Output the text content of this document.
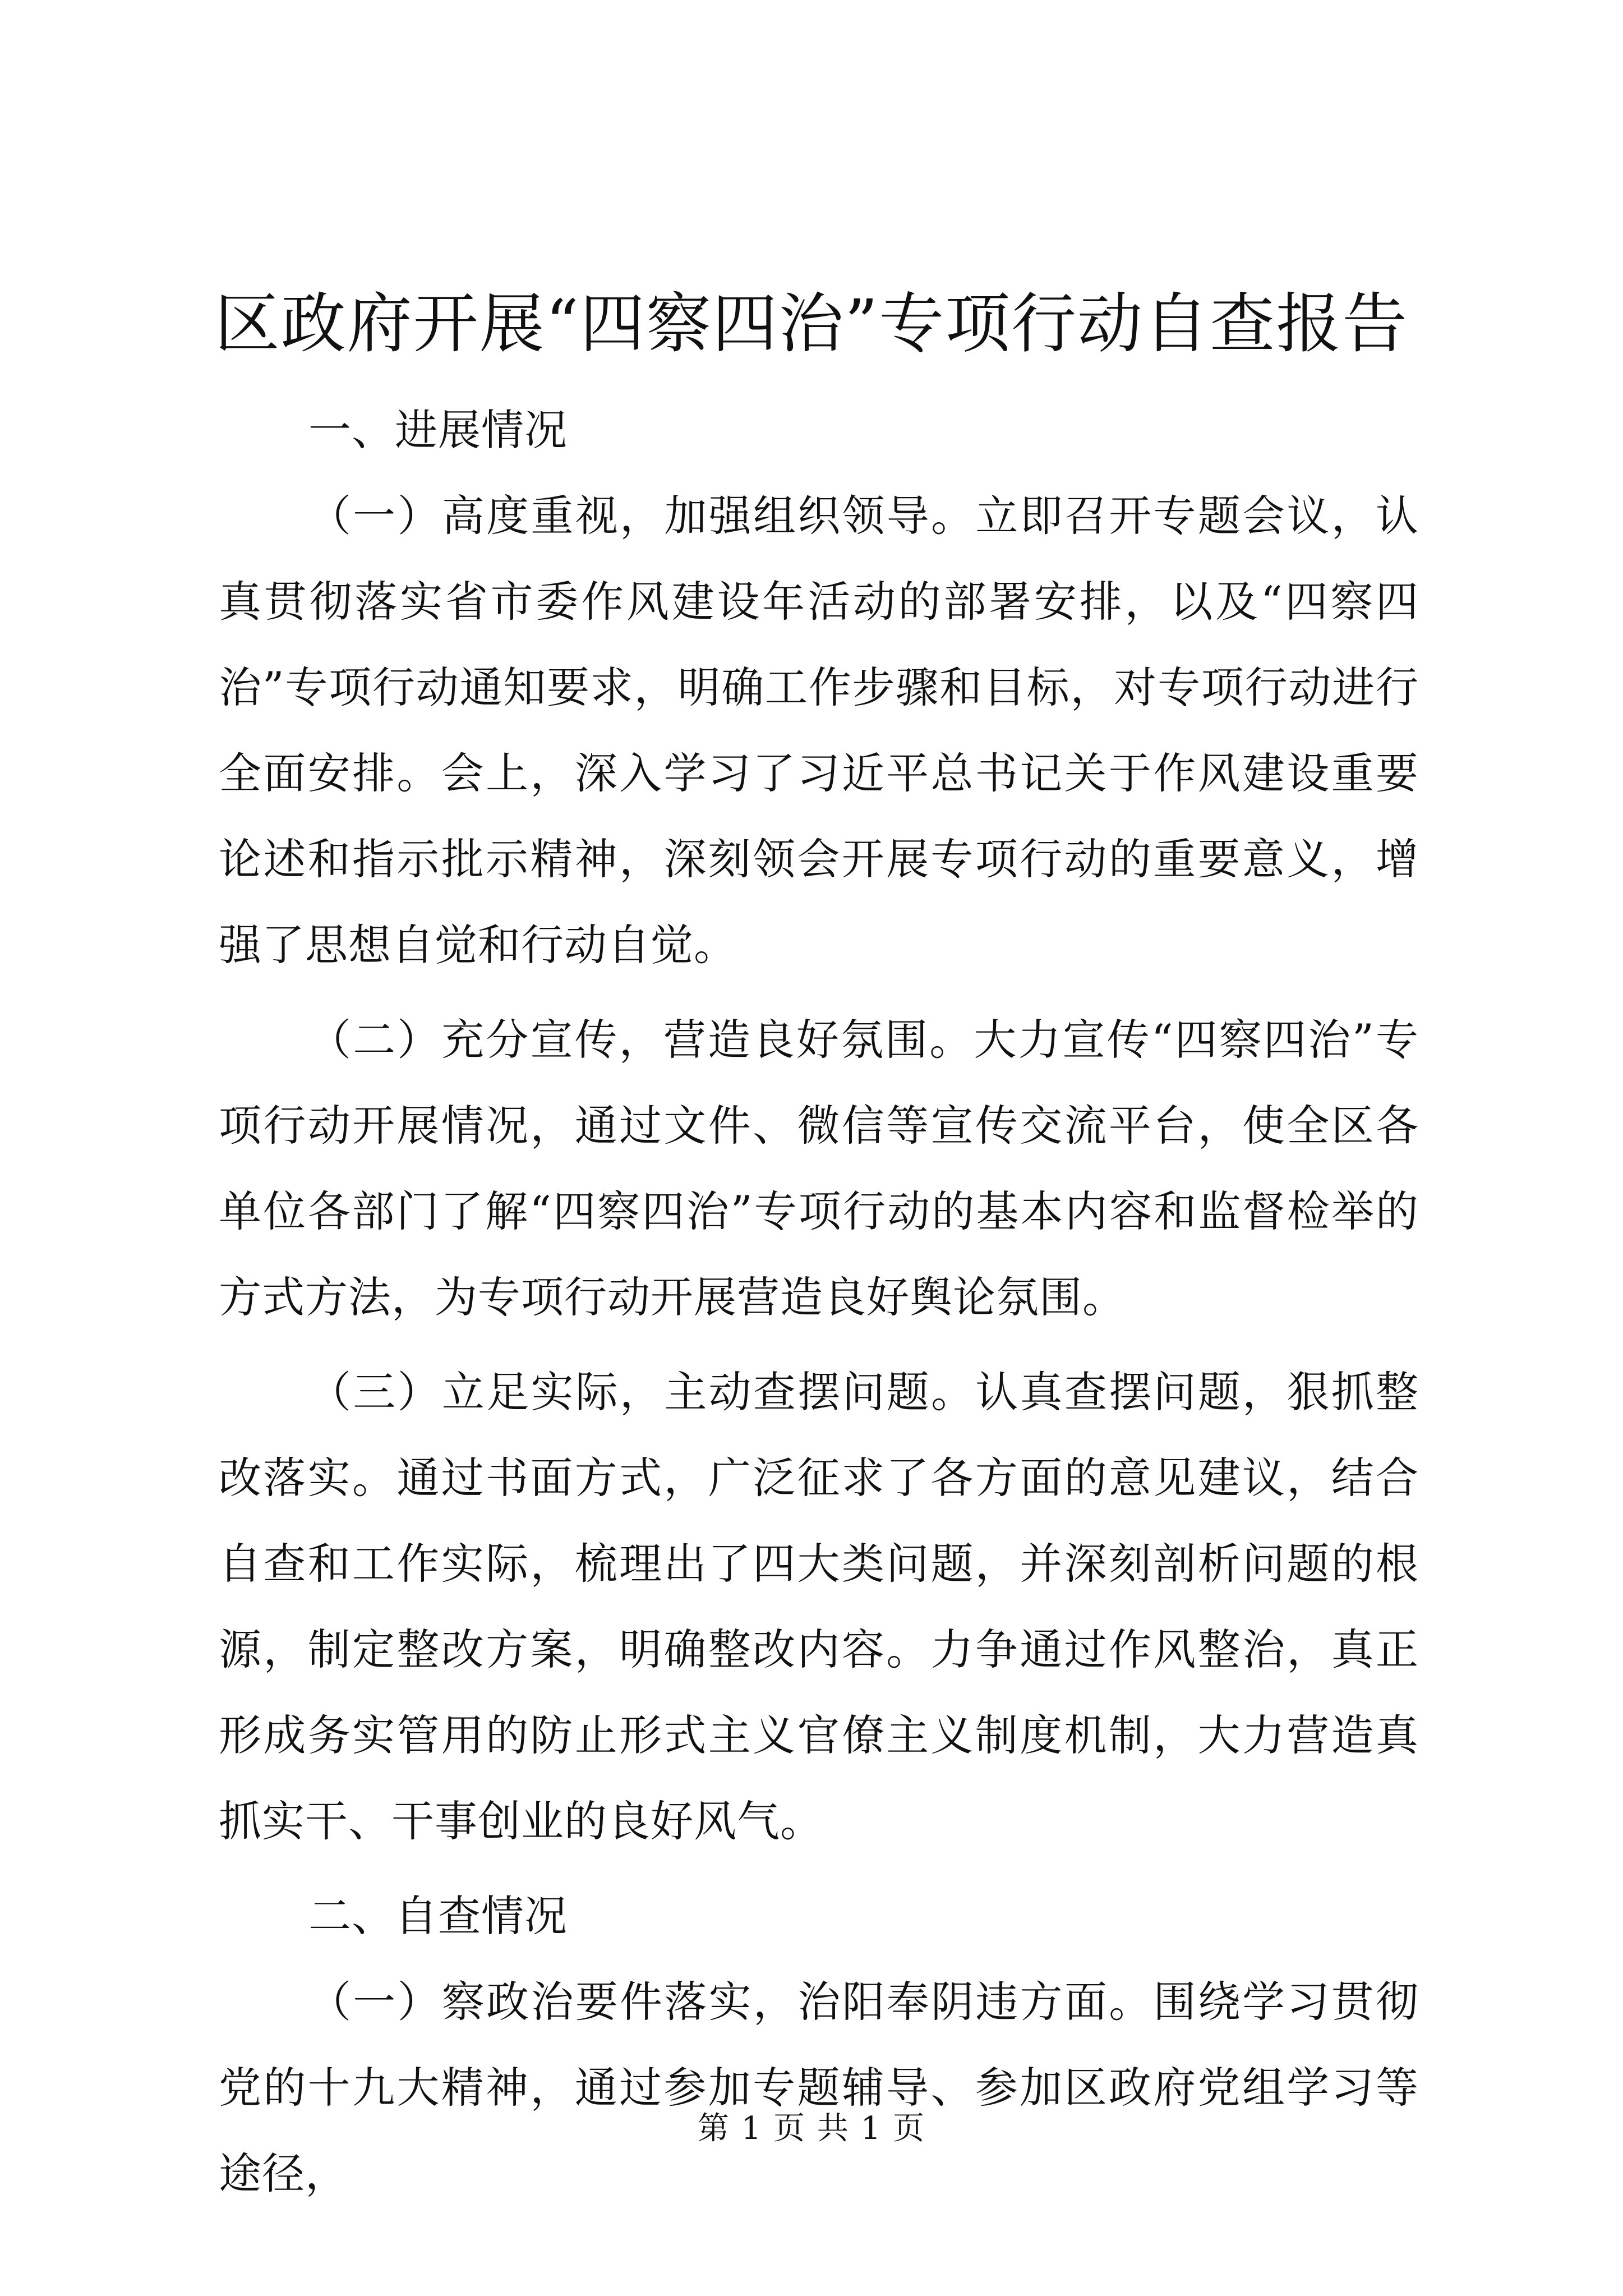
区政府开展“四察四治”专项行动自查报告

一、进展情况

（一）高度重视，加强组织领导。立即召开专题会议，认真贯彻落实省市委作风建设年活动的部署安排，以及“四察四治”专项行动通知要求，明确工作步骤和目标，对专项行动进行全面安排。会上，深入学习了习近平总书记关于作风建设重要论述和指示批示精神，深刻领会开展专项行动的重要意义，增强了思想自觉和行动自觉。

（二）充分宣传，营造良好氛围。大力宣传“四察四治”专项行动开展情况，通过文件、微信等宣传交流平台，使全区各单位各部门了解“四察四治”专项行动的基本内容和监督检举的方式方法，为专项行动开展营造良好舆论氛围。

（三）立足实际，主动查摆问题。认真查摆问题，狠抓整改落实。通过书面方式，广泛征求了各方面的意见建议，结合自查和工作实际，梳理出了四大类问题，并深刻剖析问题的根源，制定整改方案，明确整改内容。力争通过作风整治，真正形成务实管用的防止形式主义官僚主义制度机制，大力营造真抓实干、干事创业的良好风气。

二、自查情况

（一）察政治要件落实，治阳奉阴违方面。围绕学习贯彻党的十九大精神，通过参加专题辅导、参加区政府党组学习等途径，

第 1 页 共 1 页
